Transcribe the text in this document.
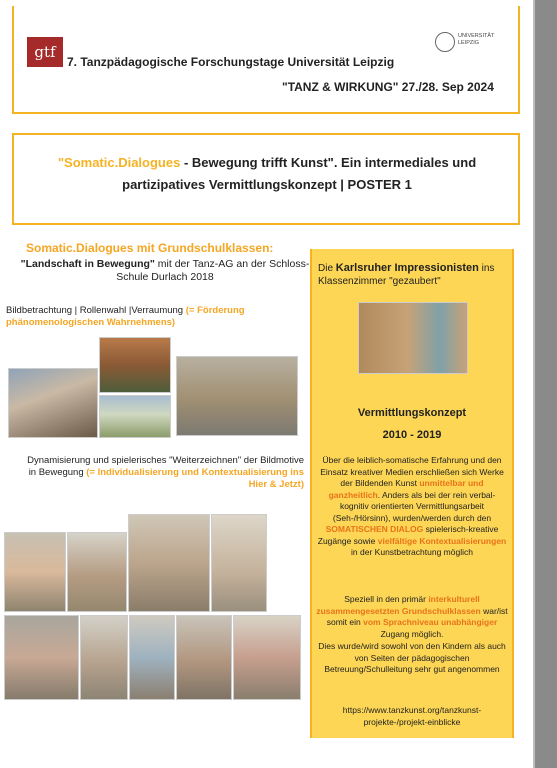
gtf
7. Tanzpädagogische Forschungstage Universität Leipzig
UNIVERSITÄT LEIPZIG
"TANZ & WIRKUNG" 27./28. Sep 2024
"Somatic.Dialogues - Bewegung trifft Kunst". Ein intermediales und partizipatives Vermittlungskonzept | POSTER 1
Somatic.Dialogues mit Grundschulklassen:
"Landschaft in Bewegung" mit der Tanz-AG an der Schloss-Schule Durlach 2018
Bildbetrachtung | Rollenwahl |Verraumung (= Förderung phänomenologischen Wahrnehmens)
Dynamisierung und spielerisches "Weiterzeichnen" der Bildmotive in Bewegung (= Individualisierung und Kontextualisierung ins Hier & Jetzt)
Die Karlsruher Impressionisten ins Klassenzimmer "gezaubert"
Vermittlungskonzept
2010 - 2019
Über die leiblich-somatische Erfahrung und den Einsatz kreativer Medien erschließen sich Werke der Bildenden Kunst unmittelbar und ganzheitlich. Anders als bei der rein verbal-kognitiv orientierten Vermittlungsarbeit (Seh-/Hörsinn), wurden/werden durch den SOMATISCHEN DIALOG spielerisch-kreative Zugänge sowie vielfältige Kontextualisierungen in der Kunstbetrachtung möglich
Speziell in den primär interkulturell zusammengesetzten Grundschulklassen war/ist somit ein vom Sprachniveau unabhängiger Zugang möglich.
Dies wurde/wird sowohl von den Kindern als auch von Seiten der pädagogischen Betreuung/Schulleitung sehr gut angenommen
https://www.tanzkunst.org/tanzkunst-projekte-/projekt-einblicke
